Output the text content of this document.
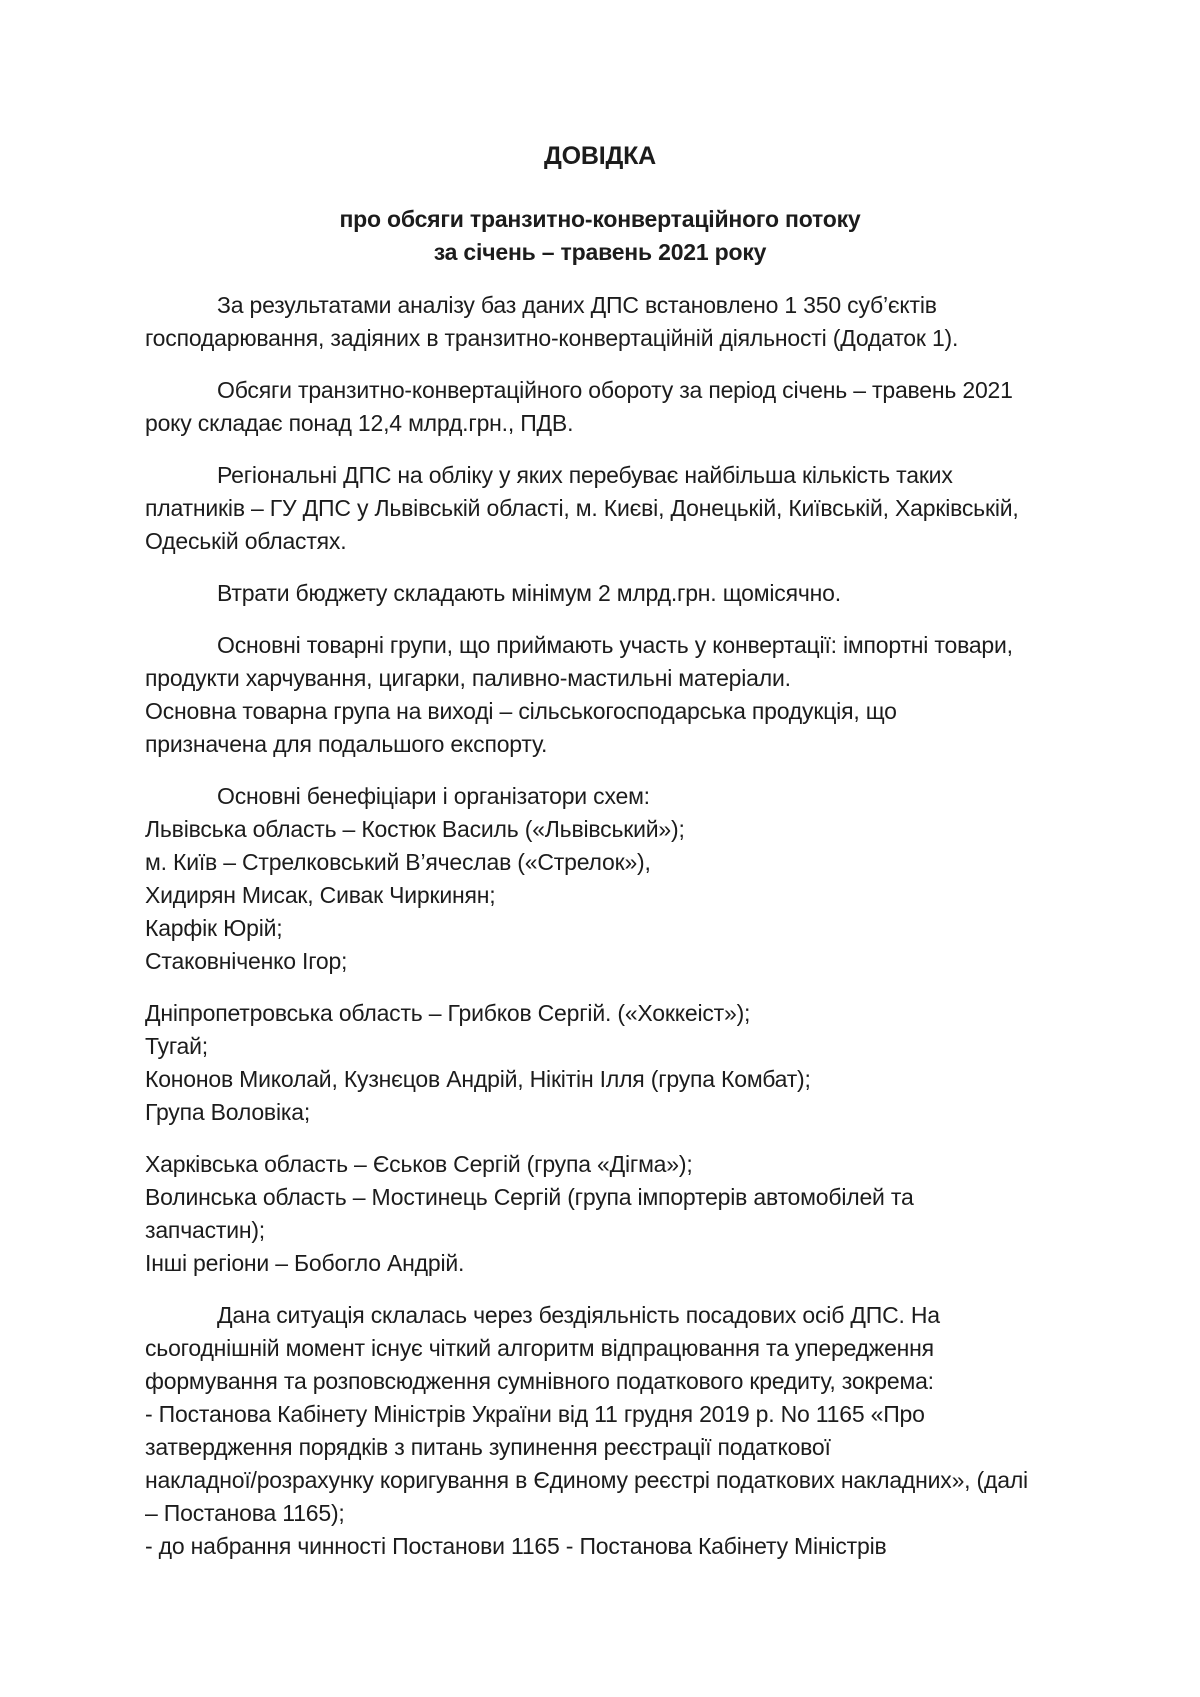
ДОВІДКА
про обсяги транзитно-конвертаційного потоку
за січень – травень 2021 року
За результатами аналізу баз даних ДПС встановлено 1 350 суб’єктів
господарювання, задіяних в транзитно-конвертаційній діяльності (Додаток 1).
Обсяги транзитно-конвертаційного обороту за період січень – травень 2021
року складає понад 12,4 млрд.грн., ПДВ.
Регіональні ДПС на обліку у яких перебуває найбільша кількість таких
платників – ГУ ДПС у Львівській області, м. Києві, Донецькій, Київській, Харківській,
Одеській областях.
Втрати бюджету складають мінімум 2 млрд.грн. щомісячно.
Основні товарні групи, що приймають участь у конвертації: імпортні товари,
продукти харчування, цигарки, паливно-мастильні матеріали.
Основна товарна група на виході – сільськогосподарська продукція, що
призначена для подальшого експорту.
Основні бенефіціари і організатори схем:
Львівська область – Костюк Василь («Львівський»);
м. Київ – Стрелковський В’ячеслав («Стрелок»),
Хидирян Мисак, Сивак Чиркинян;
Карфік Юрій;
Стаковніченко Ігор;
Дніпропетровська область – Грибков Сергій. («Хоккеіст»);
Тугай;
Кононов Миколай, Кузнєцов Андрій, Нікітін Ілля (група Комбат);
Група Воловіка;
Харківська область – Єськов Сергій (група «Дігма»);
Волинська область – Мостинець Сергій (група імпортерів автомобілей та
запчастин);
Інші регіони – Бобогло Андрій.
Дана ситуація склалась через бездіяльність посадових осіб ДПС. На
сьогоднішній момент існує чіткий алгоритм відпрацювання та упередження
формування та розповсюдження сумнівного податкового кредиту, зокрема:
- Постанова Кабінету Міністрів України від 11 грудня 2019 р. No 1165 «Про
затвердження порядків з питань зупинення реєстрації податкової
накладної/розрахунку коригування в Єдиному реєстрі податкових накладних», (далі
– Постанова 1165);
- до набрання чинності Постанови 1165 - Постанова Кабінету Міністрів
